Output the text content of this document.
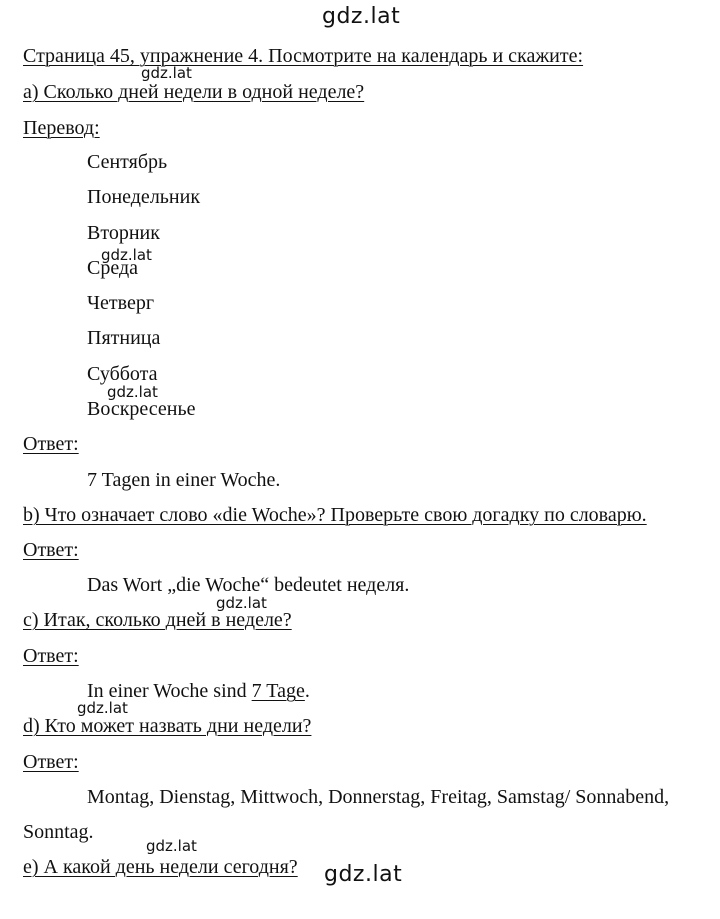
gdz.lat
gdz.lat
gdz.lat
gdz.lat
gdz.lat
gdz.lat
gdz.lat
gdz.lat
Страница 45, упражнение 4. Посмотрите на календарь и скажите:
а) Сколько дней недели в одной неделе?
Перевод:
Сентябрь
Понедельник
Вторник
Среда
Четверг
Пятница
Суббота
Воскресенье
Ответ:
7 Tagen in einer Woche.
b) Что означает слово «die Woche»? Проверьте свою догадку по словарю.
Ответ:
Das Wort „die Woche“ bedeutet неделя.
c) Итак, сколько дней в неделе?
Ответ:
In einer Woche sind 7 Tage.
d) Кто может назвать дни недели?
Ответ:
Montag, Dienstag, Mittwoch, Donnerstag, Freitag, Samstag/ Sonnabend,
Sonntag.
e) А какой день недели сегодня?
